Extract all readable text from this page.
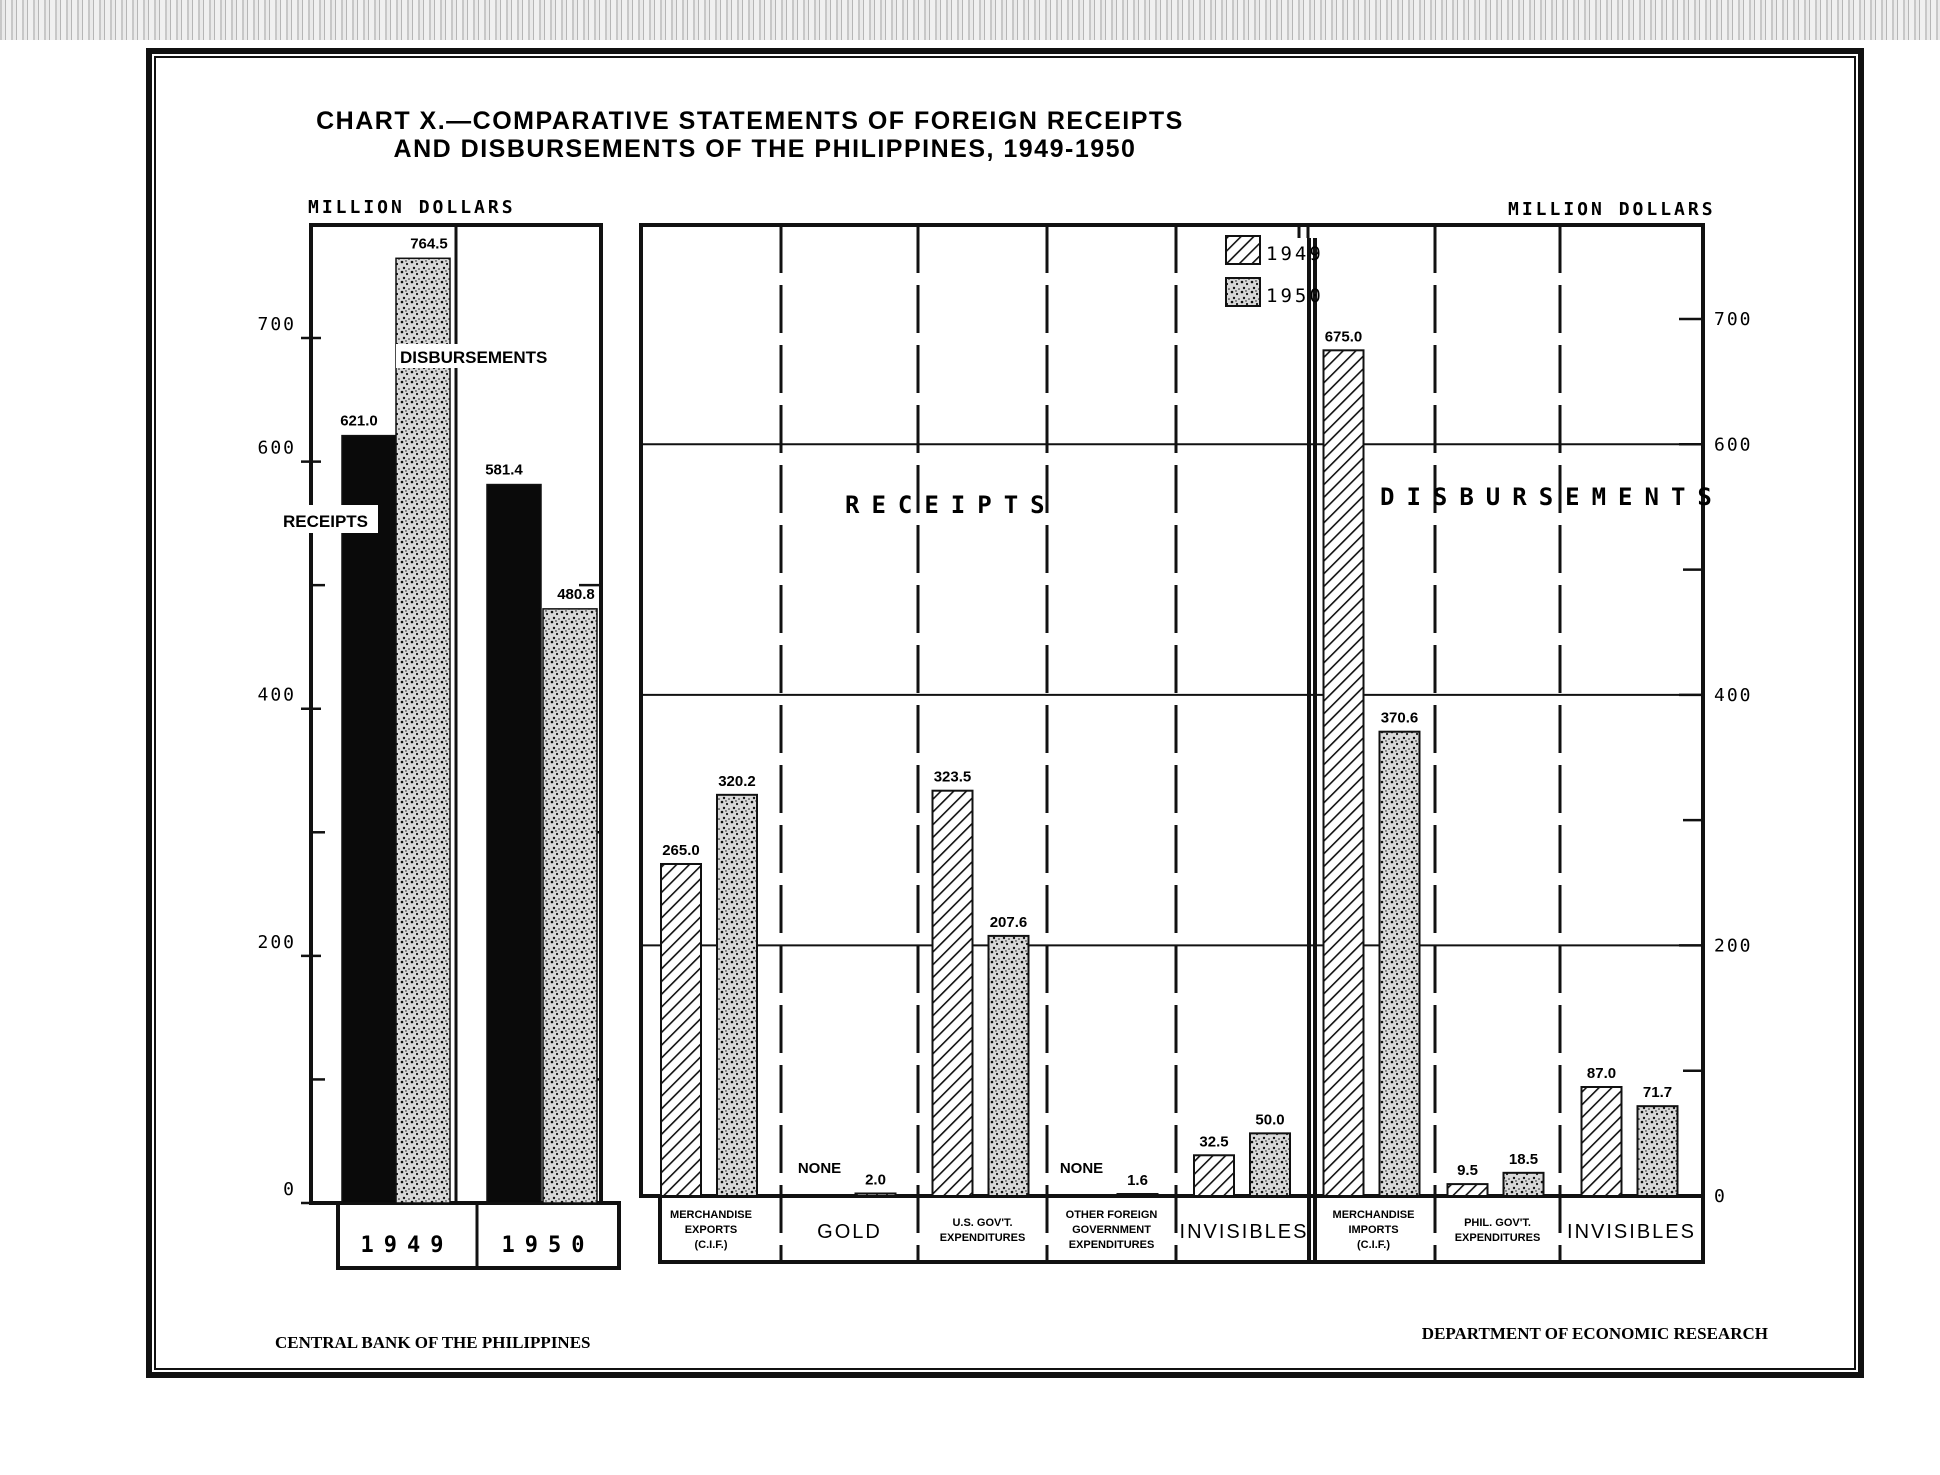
CHART X.—COMPARATIVE STATEMENTS OF FOREIGN RECEIPTS
AND DISBURSEMENTS OF THE PHILIPPINES, 1949-1950
MILLION DOLLARS	MILLION DOLLARS
0
200
400
600
700
621.0
581.4
764.5
480.8
1949 1950
RECEIPTS
DISBURSEMENTS
0
200
400
600
700
RECEIPTS	DISBURSEMENTS
265.0
320.2
MERCHANDISE
EXPORTS
(C.I.F.)
NONE
2.0
GOLD
323.5
207.6
U.S. GOV'T.
EXPENDITURES
NONE
1.6
OTHER FOREIGN
GOVERNMENT
EXPENDITURES
32.5
50.0
INVISIBLES
675.0
370.6
MERCHANDISE
IMPORTS
(C.I.F.)
9.5
18.5
PHIL. GOV'T.
EXPENDITURES
87.0
71.7
INVISIBLES
1949
1950
CENTRAL BANK OF THE PHILIPPINES	DEPARTMENT OF ECONOMIC RESEARCH
